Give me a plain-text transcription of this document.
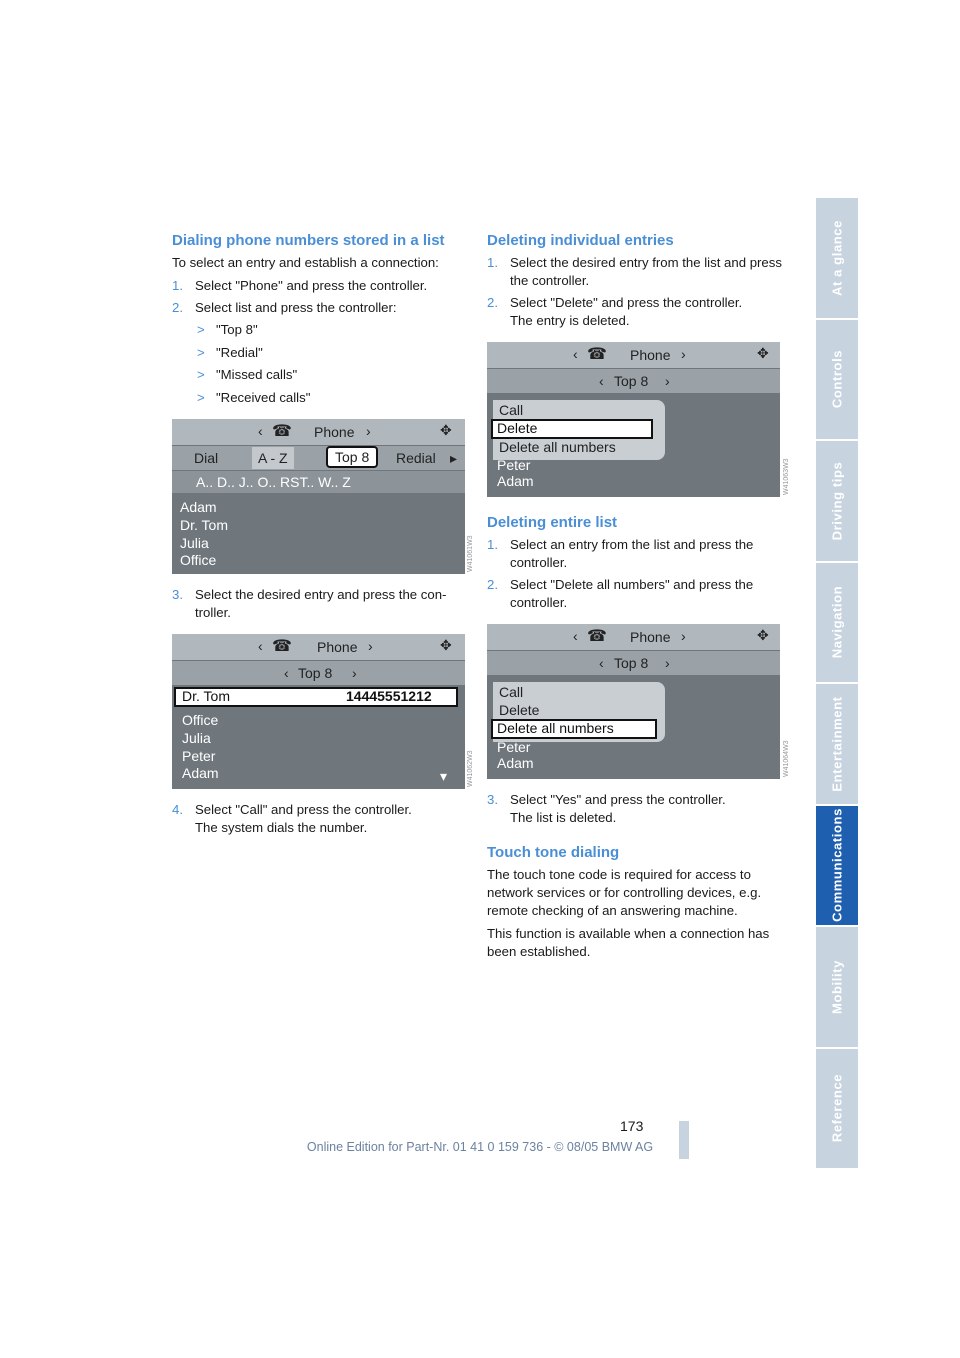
At a glance
Controls
Driving tips
Navigation
Entertainment
Communications
Mobility
Reference
Dialing phone numbers stored in a list

To select an entry and establish a connection:

1. Select "Phone" and press the controller.
2. Select list and press the controller:
> "Top 8"
> "Redial"
> "Missed calls"
> "Received calls"
‹ ☎ Phone ›	✥
Dial	A - Z	Top 8	Redial ▸
A.. D.. J.. O.. RST.. W.. Z
Adam
Dr. Tom
Julia
Office	W41061W3
3. Select the desired entry and press the con-troller.
‹ ☎ Phone ›	✥
‹ Top 8 ›
Dr. Tom	14445551212
Office
Julia
Peter
Adam	▾	W41062W3
4. Select "Call" and press the controller.
The system dials the number.
Deleting individual entries
1. Select the desired entry from the list and press the controller.
2. Select "Delete" and press the controller.
The entry is deleted.
‹ ☎ Phone ›	✥
‹ Top 8 ›
Call
Delete
Delete all numbers
Peter
Adam	W41063W3
Deleting entire list
1. Select an entry from the list and press the controller.
2. Select "Delete all numbers" and press the controller.
‹ ☎ Phone ›	✥
‹ Top 8 ›
Call
Delete
Delete all numbers
Peter
Adam	W41064W3
3. Select "Yes" and press the controller.
The list is deleted.
Touch tone dialing

The touch tone code is required for access to network services or for controlling devices, e.g. remote checking of an answering machine.

This function is available when a connection has been established.

173
Online Edition for Part-Nr. 01 41 0 159 736 - © 08/05 BMW AG
